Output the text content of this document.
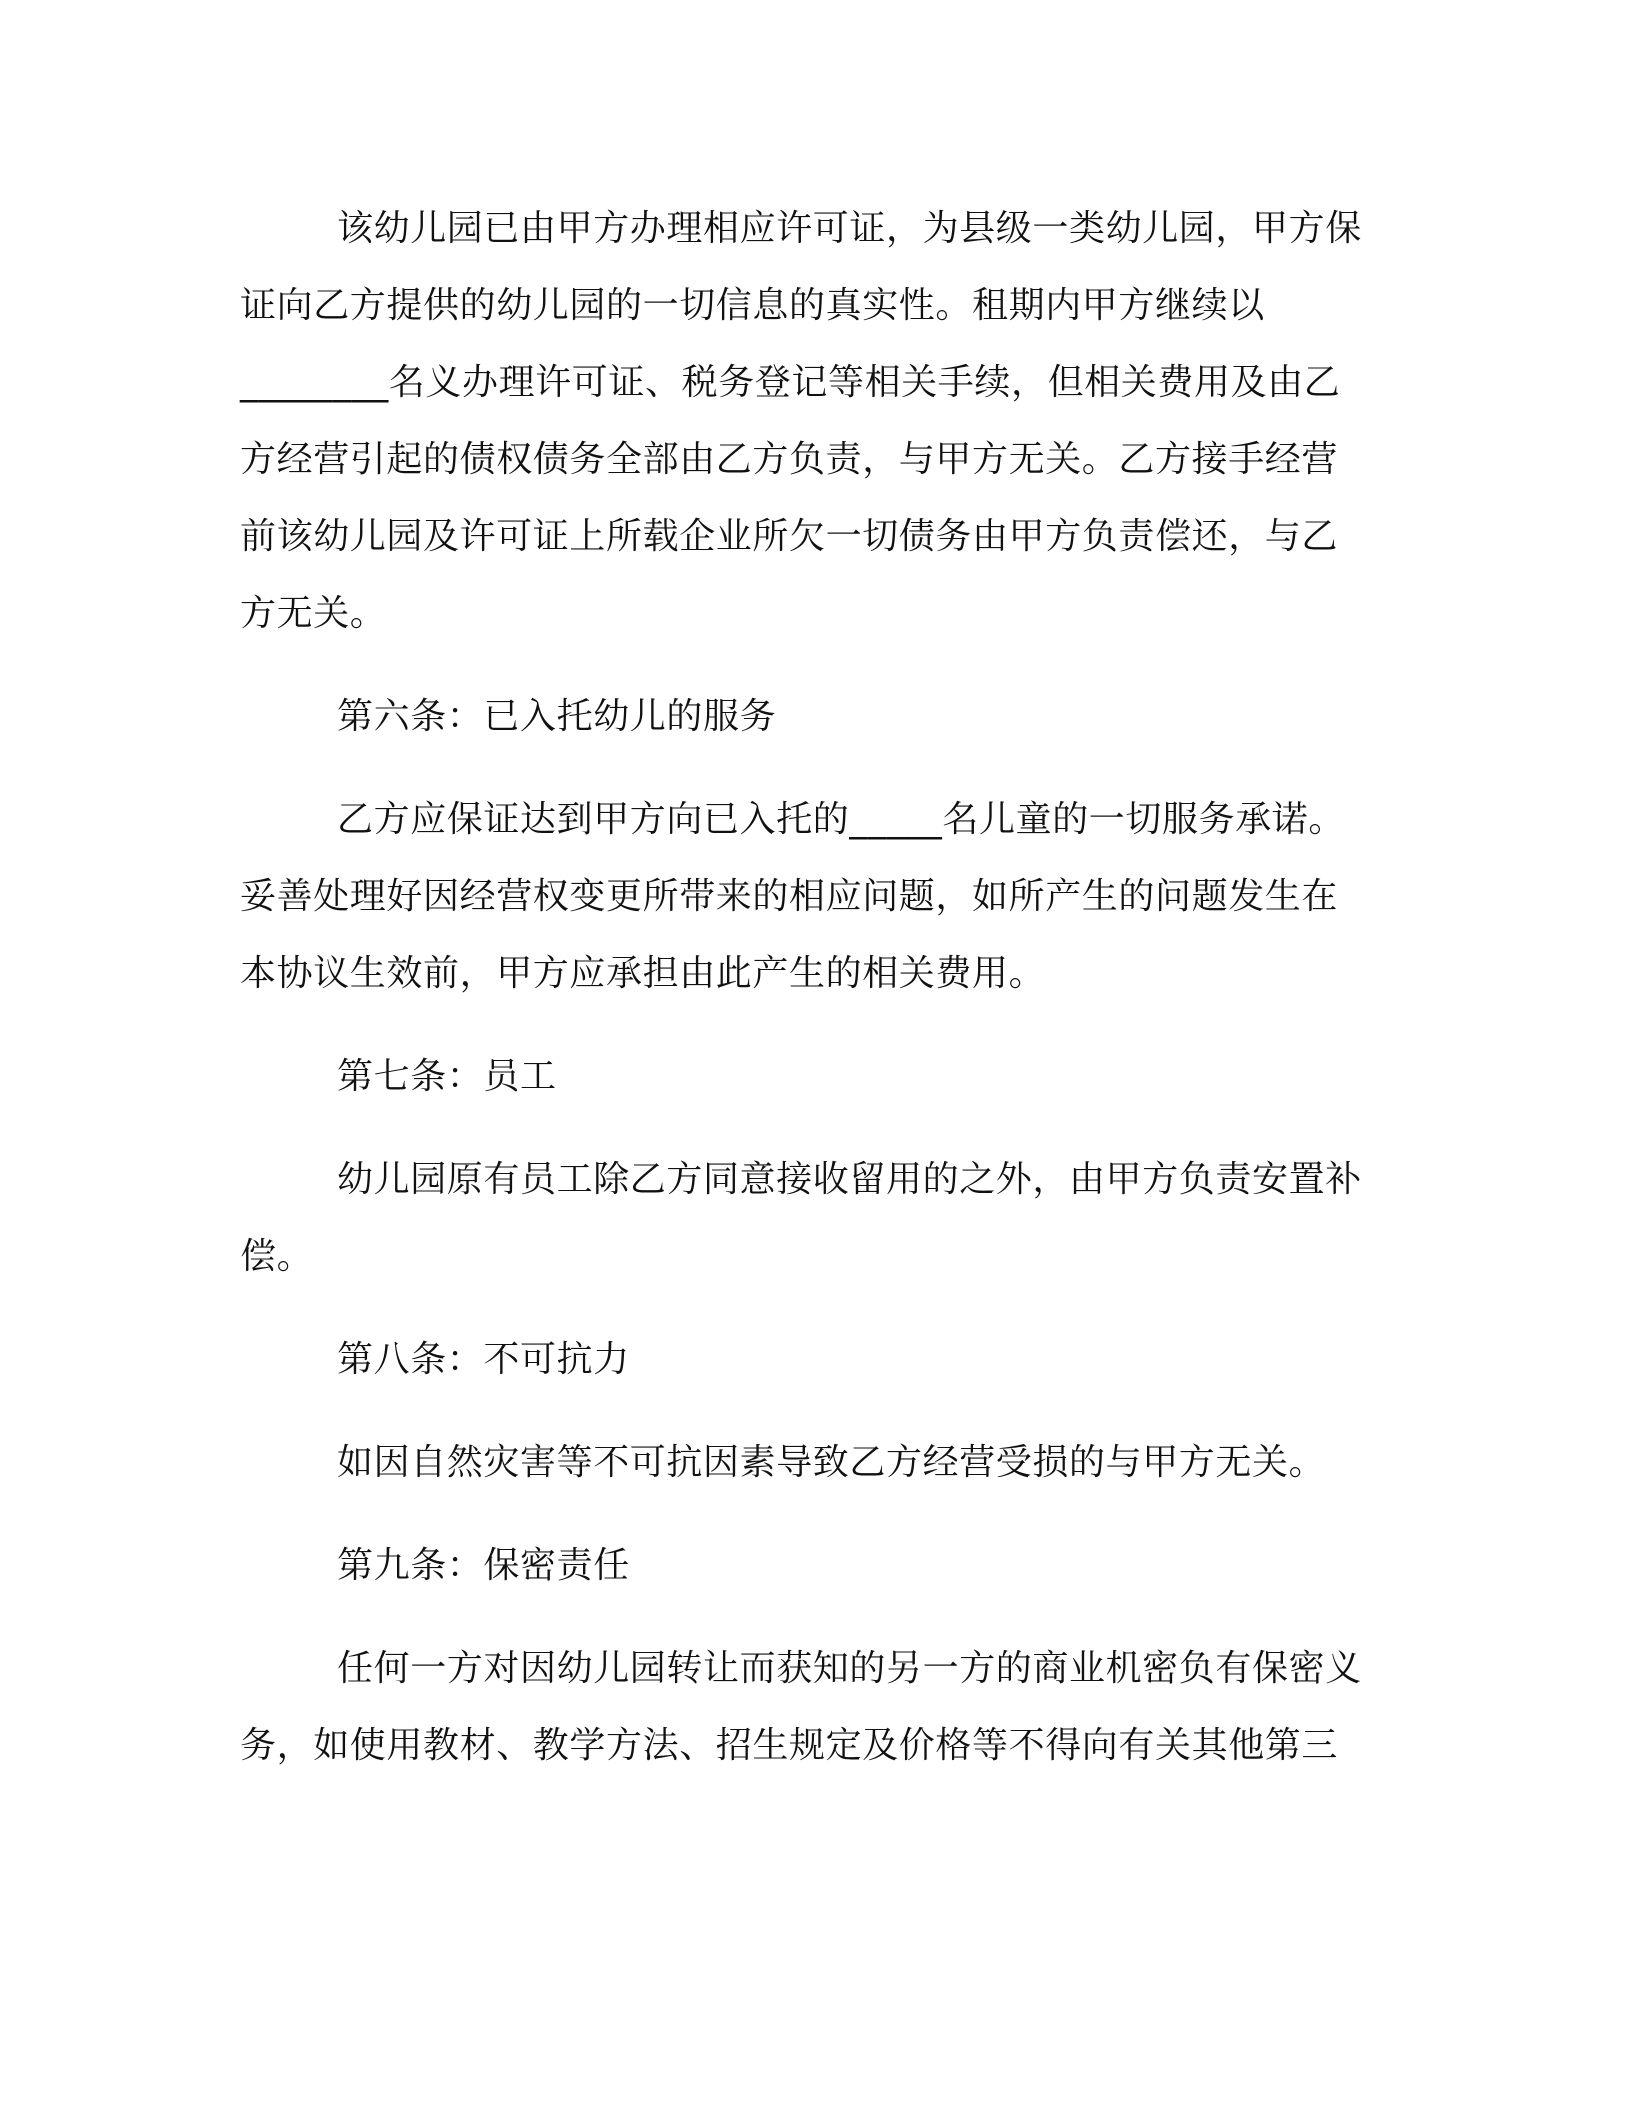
该幼儿园已由甲方办理相应许可证，为县级一类幼儿园，甲方保
证向乙方提供的幼儿园的一切信息的真实性。租期内甲方继续以
________名义办理许可证、税务登记等相关手续，但相关费用及由乙
方经营引起的债权债务全部由乙方负责，与甲方无关。乙方接手经营
前该幼儿园及许可证上所载企业所欠一切债务由甲方负责偿还，与乙
方无关。
第六条：已入托幼儿的服务
乙方应保证达到甲方向已入托的_____名儿童的一切服务承诺。
妥善处理好因经营权变更所带来的相应问题，如所产生的问题发生在
本协议生效前，甲方应承担由此产生的相关费用。
第七条：员工
幼儿园原有员工除乙方同意接收留用的之外，由甲方负责安置补
偿。
第八条：不可抗力
如因自然灾害等不可抗因素导致乙方经营受损的与甲方无关。
第九条：保密责任
任何一方对因幼儿园转让而获知的另一方的商业机密负有保密义
务，如使用教材、教学方法、招生规定及价格等不得向有关其他第三
